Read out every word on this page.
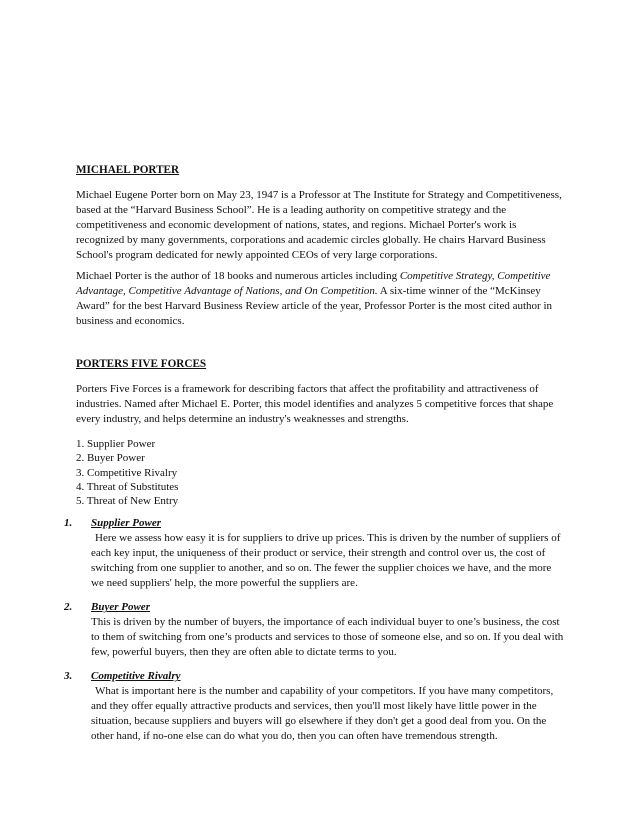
MICHAEL PORTER

Michael Eugene Porter born on May 23, 1947 is a Professor at The Institute for Strategy and Competitiveness, based at the “Harvard Business School”. He is a leading authority on competitive strategy and the competitiveness and economic development of nations, states, and regions. Michael Porter's work is recognized by many governments, corporations and academic circles globally. He chairs Harvard Business School's program dedicated for newly appointed CEOs of very large corporations.

Michael Porter is the author of 18 books and numerous articles including Competitive Strategy, Competitive Advantage, Competitive Advantage of Nations, and On Competition. A six-time winner of the “McKinsey Award” for the best Harvard Business Review article of the year, Professor Porter is the most cited author in business and economics.

PORTERS FIVE FORCES

Porters Five Forces is a framework for describing factors that affect the profitability and attractiveness of industries. Named after Michael E. Porter, this model identifies and analyzes 5 competitive forces that shape every industry, and helps determine an industry's weaknesses and strengths.

1. Supplier Power
2. Buyer Power
3. Competitive Rivalry
4. Threat of Substitutes
5. Threat of New Entry
1. Supplier Power
Here we assess how easy it is for suppliers to drive up prices. This is driven by the number of suppliers of each key input, the uniqueness of their product or service, their strength and control over us, the cost of switching from one supplier to another, and so on. The fewer the supplier choices we have, and the more we need suppliers' help, the more powerful the suppliers are.
2. Buyer Power
This is driven by the number of buyers, the importance of each individual buyer to one’s business, the cost to them of switching from one’s products and services to those of someone else, and so on. If you deal with few, powerful buyers, then they are often able to dictate terms to you.
3. Competitive Rivalry
What is important here is the number and capability of your competitors. If you have many competitors, and they offer equally attractive products and services, then you'll most likely have little power in the situation, because suppliers and buyers will go elsewhere if they don't get a good deal from you. On the other hand, if no-one else can do what you do, then you can often have tremendous strength.
